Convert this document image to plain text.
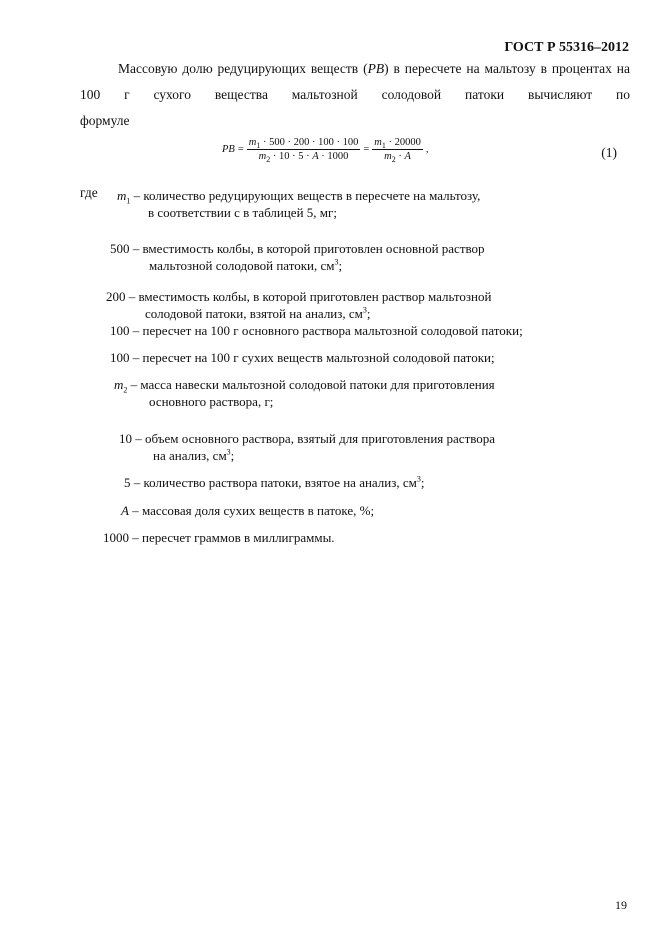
ГОСТ Р 55316–2012
Массовую долю редуцирующих веществ (PB) в пересчете на мальтозу в процентах на 100 г сухого вещества мальтозной солодовой патоки вычисляют по
формуле
PB = $\frac{m_1 \cdot 500 \cdot 200 \cdot 100 \cdot 100}{m_2 \cdot 10 \cdot 5 \cdot A \cdot 1000} = \frac{m_1 \cdot 20000}{m_2 \cdot A}$ ,	(1)
где $m_1$ – количество редуцирующих веществ в пересчете на мальтозу,
в соответствии с в таблицей 5, мг;
500 – вместимость колбы, в которой приготовлен основной раствор
мальтозной солодовой патоки, $см^3$;
200 – вместимость колбы, в которой приготовлен раствор мальтозной
солодовой патоки, взятой на анализ, $см^3$;
100 – пересчет на 100 г основного раствора мальтозной солодовой патоки;
100 – пересчет на 100 г сухих веществ мальтозной солодовой патоки;
$m_2$ – масса навески мальтозной солодовой патоки для приготовления
основного раствора, г;
10 – объем основного раствора, взятый для приготовления раствора
на анализ, $см^3$;
5 – количество раствора патоки, взятое на анализ, $см^3$;
A – массовая доля сухих веществ в патоке, %;
1000 – пересчет граммов в миллиграммы.
19
